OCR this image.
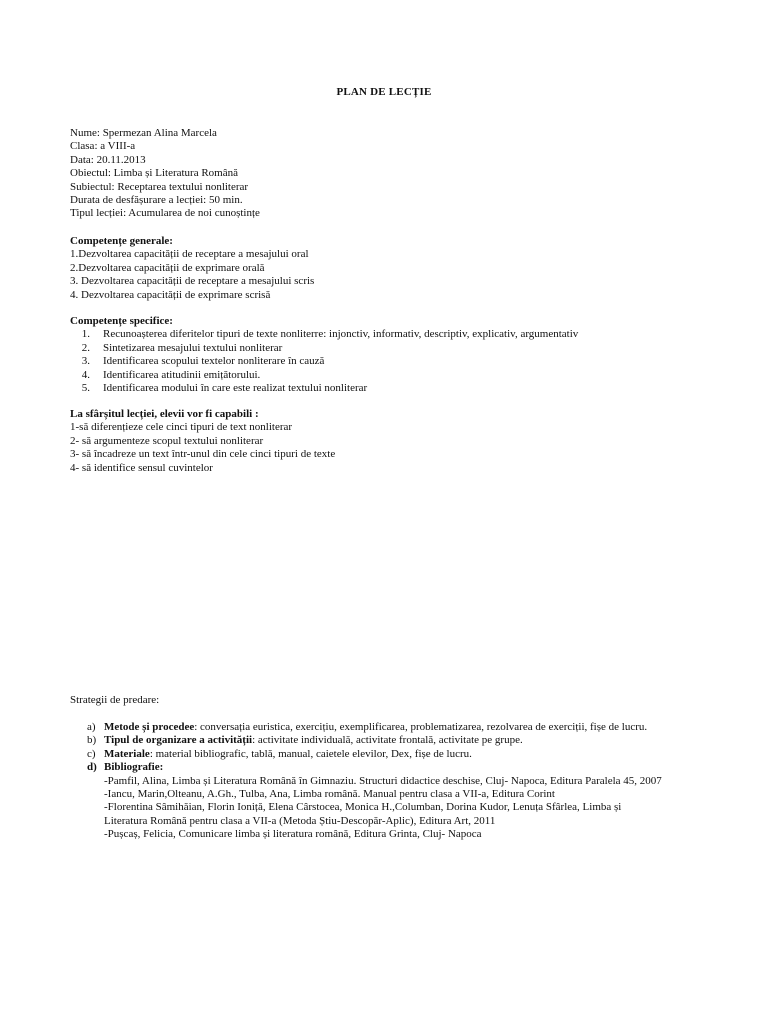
PLAN DE LECȚIE
Nume: Spermezan Alina Marcela
Clasa: a VIII-a
Data: 20.11.2013
Obiectul: Limba și Literatura Română
Subiectul: Receptarea textului nonliterar
Durata de desfășurare a lecției: 50 min.
Tipul lecției: Acumularea de noi cunoștințe
Competențe generale:
1.Dezvoltarea capacității de receptare a mesajului oral
2.Dezvoltarea capacității de exprimare orală
3. Dezvoltarea capacității de receptare a mesajului scris
4. Dezvoltarea capacității de exprimare scrisă
Competențe specifice:
1. Recunoașterea diferitelor tipuri de texte nonliterre: injonctiv, informativ, descriptiv, explicativ, argumentativ
2. Sintetizarea mesajului textului nonliterar
3. Identificarea scopului textelor nonliterare în cauză
4. Identificarea atitudinii emițătorului.
5. Identificarea modului în care este realizat textului nonliterar
La sfârșitul lecției, elevii vor fi capabili :
1-să diferențieze cele cinci tipuri de text nonliterar
2- să argumenteze scopul textului nonliterar
3- să încadreze un text într-unul din cele cinci tipuri de texte
4- să identifice sensul cuvintelor
Strategii de predare:
a) Metode și procedee: conversația euristica, exercițiu, exemplificarea, problematizarea, rezolvarea de exerciții, fișe de lucru.
b) Tipul de organizare a activității: activitate individuală, activitate frontală, activitate pe grupe.
c) Materiale: material bibliografic, tablă, manual, caietele elevilor, Dex, fișe de lucru.
d) Bibliografie:
-Pamfil, Alina, Limba și Literatura Română în Gimnaziu. Structuri didactice deschise, Cluj- Napoca, Editura Paralela 45, 2007
-Iancu, Marin,Olteanu, A.Gh., Tulba, Ana, Limba română. Manual pentru clasa a VII-a, Editura Corint
-Florentina Sâmihăian, Florin Ioniță, Elena Cârstocea, Monica H.,Columban, Dorina Kudor, Lenuța Sfârlea, Limba și
Literatura Română pentru clasa a VII-a (Metoda Știu-Descopăr-Aplic), Editura Art, 2011
-Pușcaș, Felicia, Comunicare limba și literatura română, Editura Grinta, Cluj- Napoca
